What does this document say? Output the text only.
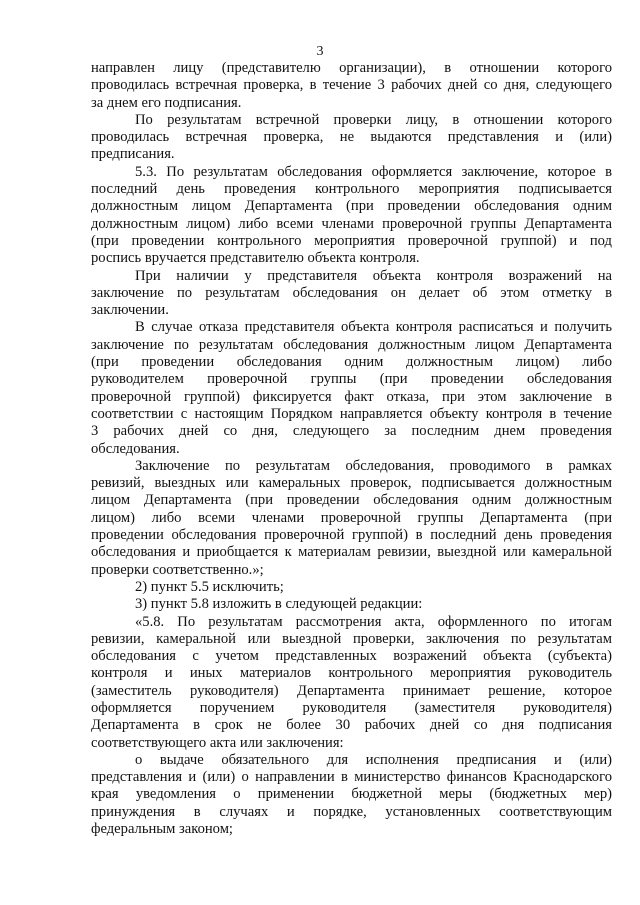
3
направлен лицу (представителю организации), в отношении которого
проводилась встречная проверка, в течение 3 рабочих дней со дня, следующего
за днем его подписания.
По результатам встречной проверки лицу, в отношении которого
проводилась встречная проверка, не выдаются представления и (или)
предписания.
5.3. По результатам обследования оформляется заключение, которое в
последний день проведения контрольного мероприятия подписывается
должностным лицом Департамента (при проведении обследования одним
должностным лицом) либо всеми членами проверочной группы Департамента
(при проведении контрольного мероприятия проверочной группой) и под
роспись вручается представителю объекта контроля.
При наличии у представителя объекта контроля возражений на
заключение по результатам обследования он делает об этом отметку в
заключении.
В случае отказа представителя объекта контроля расписаться и получить
заключение по результатам обследования должностным лицом Департамента
(при проведении обследования одним должностным лицом) либо
руководителем проверочной группы (при проведении обследования
проверочной группой) фиксируется факт отказа, при этом заключение в
соответствии с настоящим Порядком направляется объекту контроля в течение
3 рабочих дней со дня, следующего за последним днем проведения
обследования.
Заключение по результатам обследования, проводимого в рамках
ревизий, выездных или камеральных проверок, подписывается должностным
лицом Департамента (при проведении обследования одним должностным
лицом) либо всеми членами проверочной группы Департамента (при
проведении обследования проверочной группой) в последний день проведения
обследования и приобщается к материалам ревизии, выездной или камеральной
проверки соответственно.»;
2) пункт 5.5 исключить;
3) пункт 5.8 изложить в следующей редакции:
«5.8. По результатам рассмотрения акта, оформленного по итогам
ревизии, камеральной или выездной проверки, заключения по результатам
обследования с учетом представленных возражений объекта (субъекта)
контроля и иных материалов контрольного мероприятия руководитель
(заместитель руководителя) Департамента принимает решение, которое
оформляется поручением руководителя (заместителя руководителя)
Департамента в срок не более 30 рабочих дней со дня подписания
соответствующего акта или заключения:
о выдаче обязательного для исполнения предписания и (или)
представления и (или) о направлении в министерство финансов Краснодарского
края уведомления о применении бюджетной меры (бюджетных мер)
принуждения в случаях и порядке, установленных соответствующим
федеральным законом;
